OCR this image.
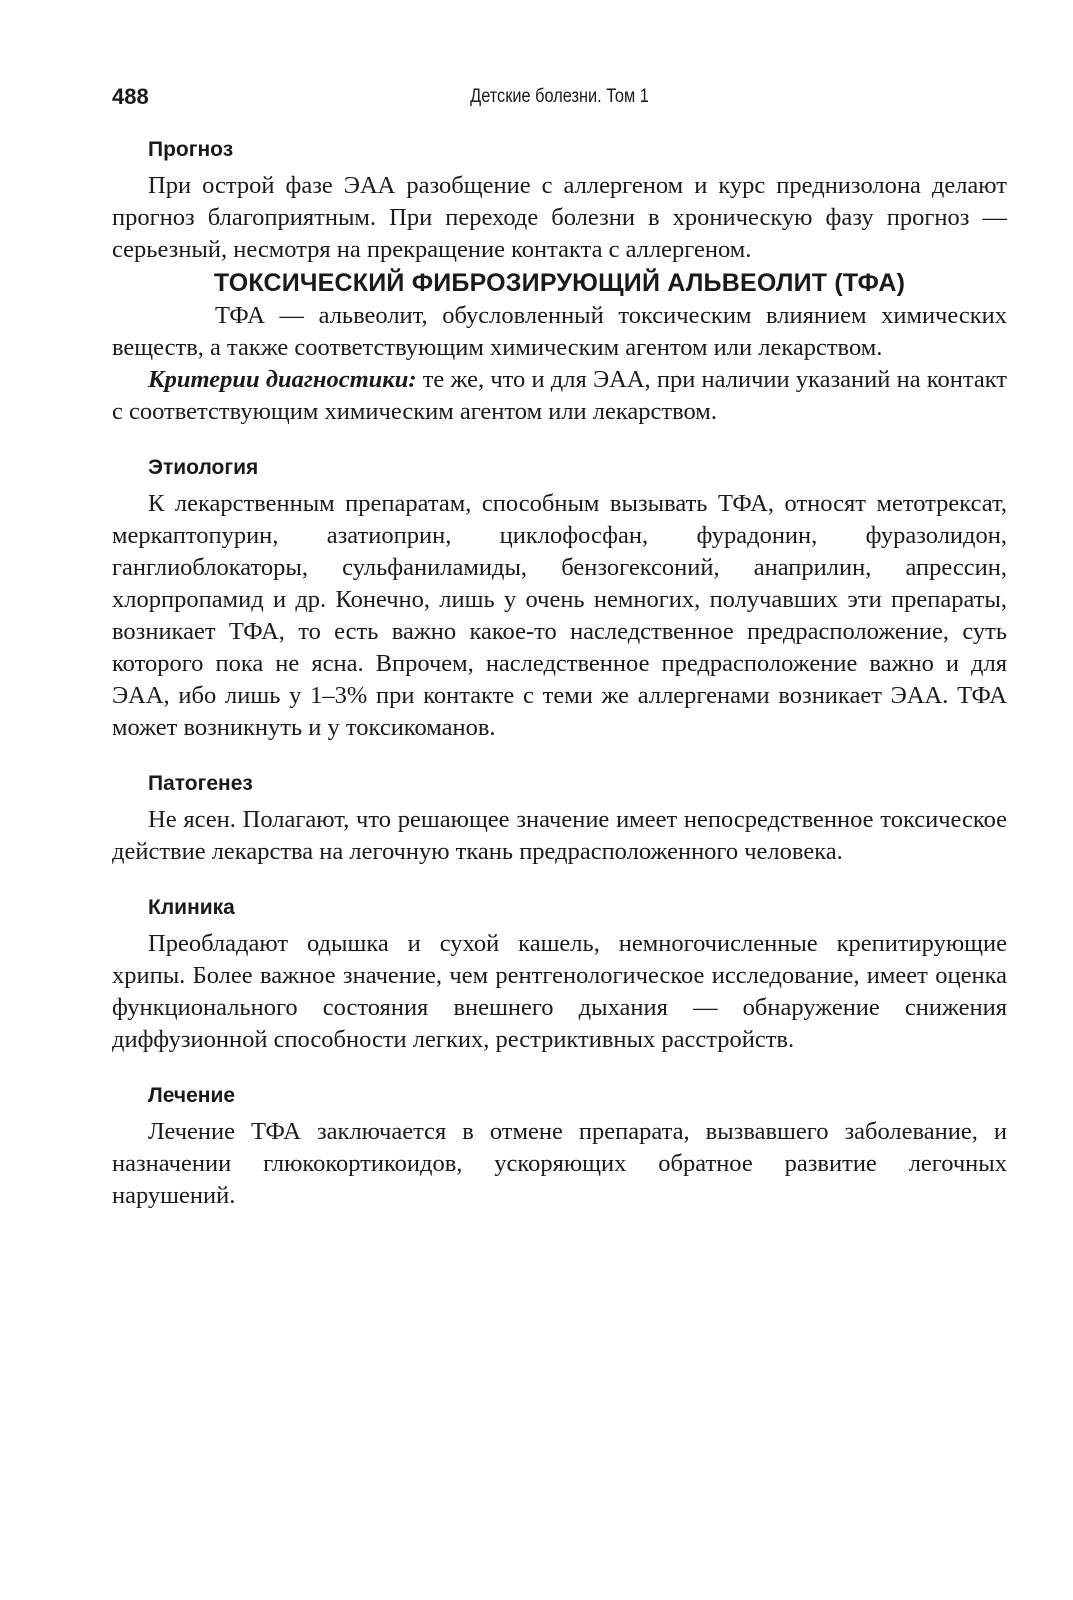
488	Детские болезни. Том 1
Прогноз

При острой фазе ЭАА разобщение с аллергеном и курс преднизолона делают прогноз благоприятным. При переходе болезни в хроническую фазу прогноз — серьезный, несмотря на прекращение контакта с аллергеном.

ТОКСИЧЕСКИЙ ФИБРОЗИРУЮЩИЙ АЛЬВЕОЛИТ (ТФА)

ТФА — альвеолит, обусловленный токсическим влиянием химических веществ, а также соответствующим химическим агентом или лекарством.

Критерии диагностики: те же, что и для ЭАА, при наличии указаний на контакт с соответствующим химическим агентом или лекарством.

Этиология

К лекарственным препаратам, способным вызывать ТФА, относят метотрексат, меркаптопурин, азатиоприн, циклофосфан, фурадонин, фуразолидон, ганглиоблокаторы, сульфаниламиды, бензогексоний, анаприлин, апрессин, хлорпропамид и др. Конечно, лишь у очень немногих, получавших эти препараты, возникает ТФА, то есть важно какое-то наследственное предрасположение, суть которого пока не ясна. Впрочем, наследственное предрасположение важно и для ЭАА, ибо лишь у 1–3% при контакте с теми же аллергенами возникает ЭАА. ТФА может возникнуть и у токсикоманов.

Патогенез

Не ясен. Полагают, что решающее значение имеет непосредственное токсическое действие лекарства на легочную ткань предрасположенного человека.

Клиника

Преобладают одышка и сухой кашель, немногочисленные крепитирующие хрипы. Более важное значение, чем рентгенологическое исследование, имеет оценка функционального состояния внешнего дыхания — обнаружение снижения диффузионной способности легких, рестриктивных расстройств.

Лечение

Лечение ТФА заключается в отмене препарата, вызвавшего заболевание, и назначении глюкокортикоидов, ускоряющих обратное развитие легочных нарушений.
